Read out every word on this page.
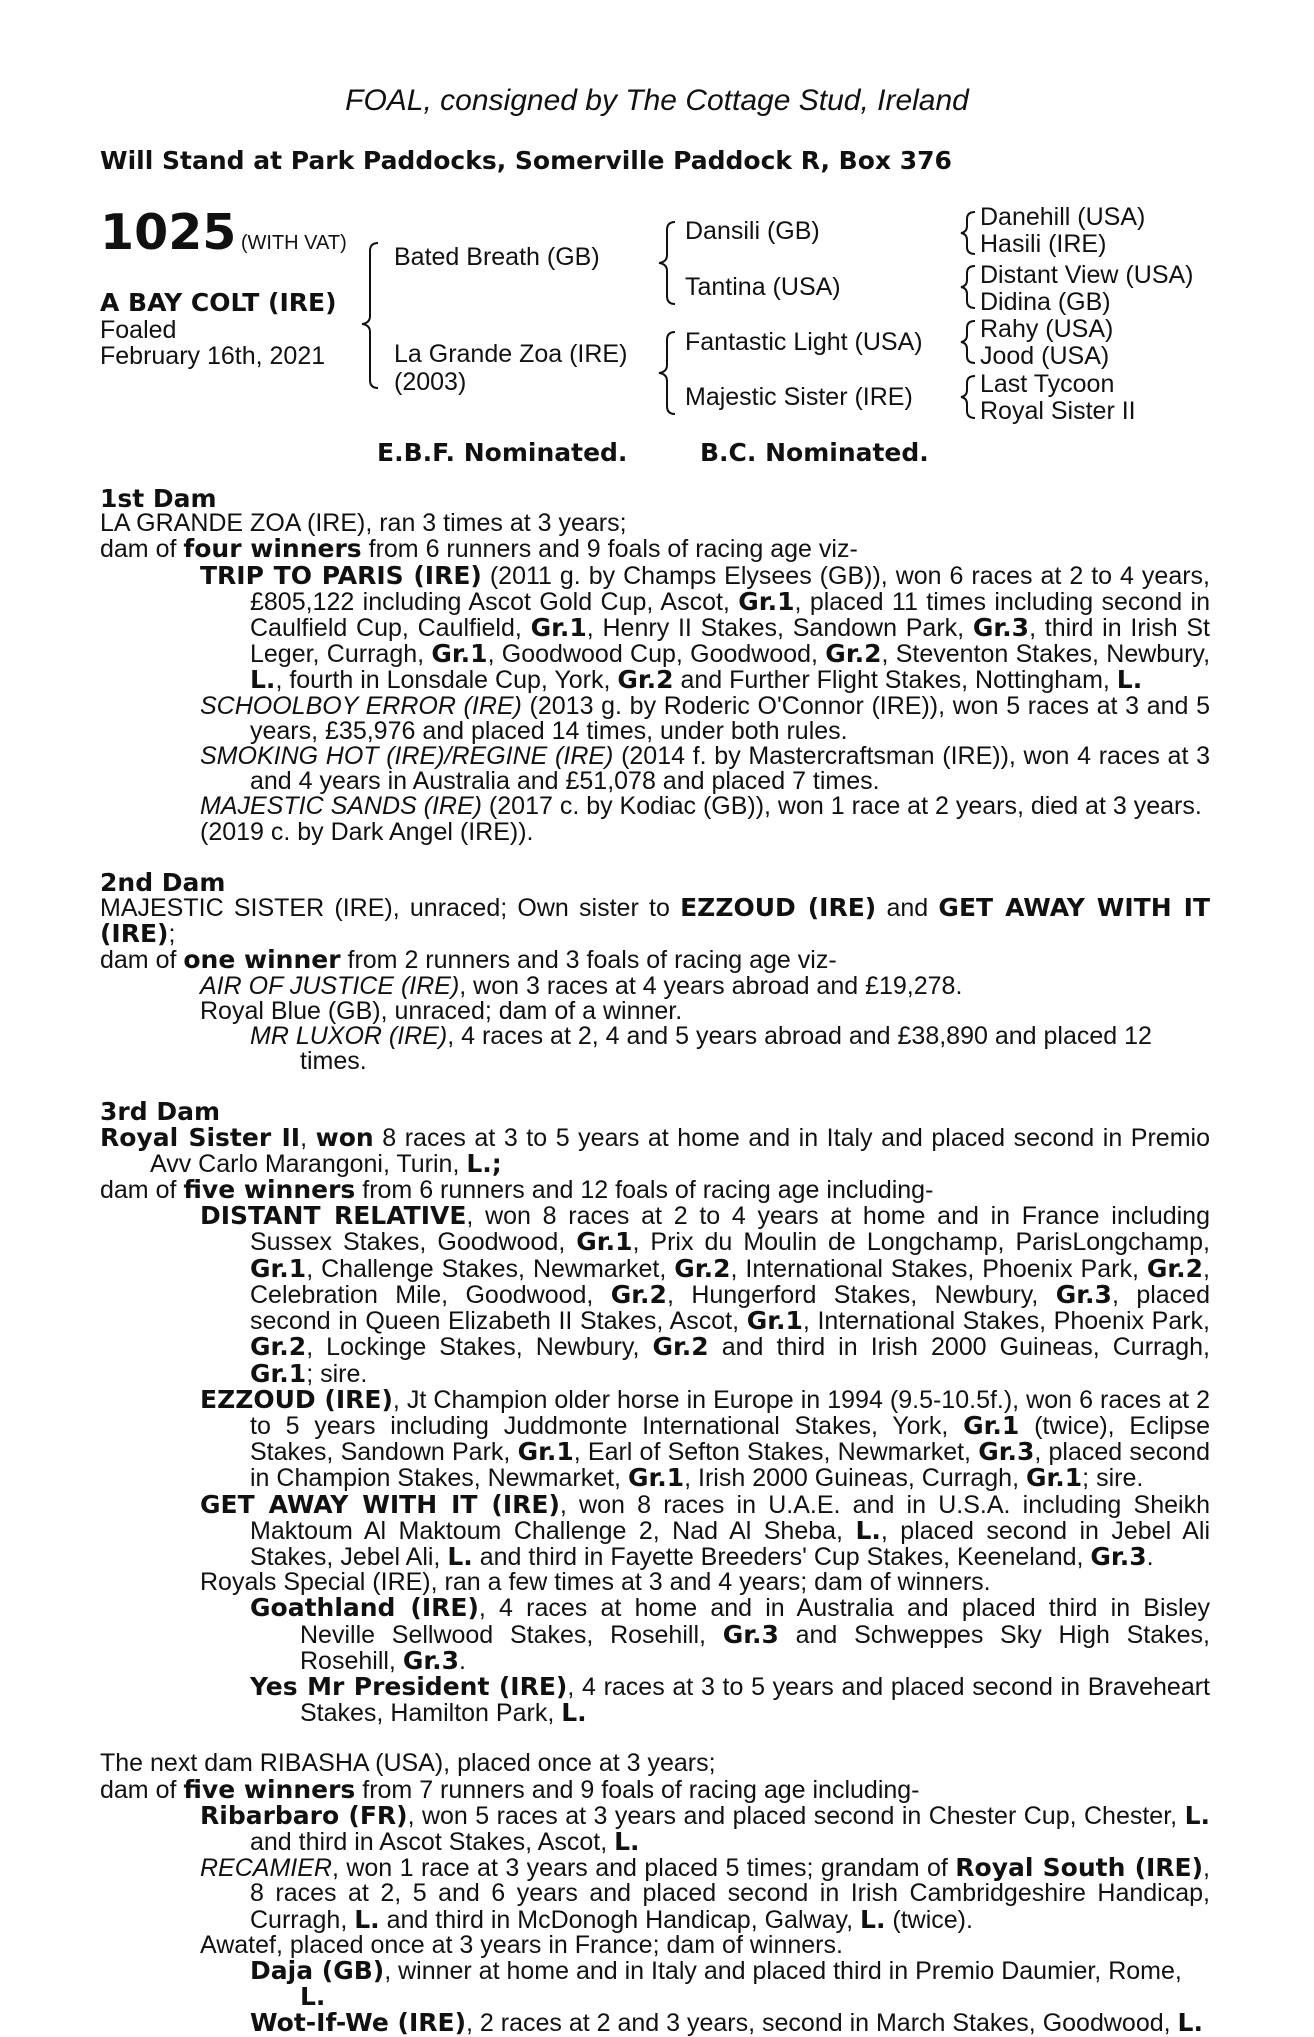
FOAL, consigned by The Cottage Stud, Ireland
Will Stand at Park Paddocks, Somerville Paddock R, Box 376
1025 (WITH VAT)
A BAY COLT (IRE)
Foaled
February 16th, 2021
Bated Breath (GB)
La Grande Zoa (IRE)
(2003)
Dansili (GB)
Tantina (USA)
Fantastic Light (USA)
Majestic Sister (IRE)
Danehill (USA)
Hasili (IRE)
Distant View (USA)
Didina (GB)
Rahy (USA)
Jood (USA)
Last Tycoon
Royal Sister II
E.B.F. Nominated.	B.C. Nominated.

1st Dam

LA GRANDE ZOA (IRE), ran 3 times at 3 years;

dam of four winners from 6 runners and 9 foals of racing age viz-

TRIP TO PARIS (IRE) (2011 g. by Champs Elysees (GB)), won 6 races at 2 to 4 years, £805,122 including Ascot Gold Cup, Ascot, Gr.1, placed 11 times including second in Caulfield Cup, Caulfield, Gr.1, Henry II Stakes, Sandown Park, Gr.3, third in Irish St Leger, Curragh, Gr.1, Goodwood Cup, Goodwood, Gr.2, Steventon Stakes, Newbury, L., fourth in Lonsdale Cup, York, Gr.2 and Further Flight Stakes, Nottingham, L.

SCHOOLBOY ERROR (IRE) (2013 g. by Roderic O'Connor (IRE)), won 5 races at 3 and 5 years, £35,976 and placed 14 times, under both rules.

SMOKING HOT (IRE)/REGINE (IRE) (2014 f. by Mastercraftsman (IRE)), won 4 races at 3 and 4 years in Australia and £51,078 and placed 7 times.

MAJESTIC SANDS (IRE) (2017 c. by Kodiac (GB)), won 1 race at 2 years, died at 3 years.

(2019 c. by Dark Angel (IRE)).

2nd Dam

MAJESTIC SISTER (IRE), unraced; Own sister to EZZOUD (IRE) and GET AWAY WITH IT (IRE);

dam of one winner from 2 runners and 3 foals of racing age viz-

AIR OF JUSTICE (IRE), won 3 races at 4 years abroad and £19,278.

Royal Blue (GB), unraced; dam of a winner.

MR LUXOR (IRE), 4 races at 2, 4 and 5 years abroad and £38,890 and placed 12 times.

3rd Dam

Royal Sister II, won 8 races at 3 to 5 years at home and in Italy and placed second in Premio Avv Carlo Marangoni, Turin, L.;

dam of five winners from 6 runners and 12 foals of racing age including-

DISTANT RELATIVE, won 8 races at 2 to 4 years at home and in France including Sussex Stakes, Goodwood, Gr.1, Prix du Moulin de Longchamp, ParisLongchamp, Gr.1, Challenge Stakes, Newmarket, Gr.2, International Stakes, Phoenix Park, Gr.2, Celebration Mile, Goodwood, Gr.2, Hungerford Stakes, Newbury, Gr.3, placed second in Queen Elizabeth II Stakes, Ascot, Gr.1, International Stakes, Phoenix Park, Gr.2, Lockinge Stakes, Newbury, Gr.2 and third in Irish 2000 Guineas, Curragh, Gr.1; sire.

EZZOUD (IRE), Jt Champion older horse in Europe in 1994 (9.5-10.5f.), won 6 races at 2 to 5 years including Juddmonte International Stakes, York, Gr.1 (twice), Eclipse Stakes, Sandown Park, Gr.1, Earl of Sefton Stakes, Newmarket, Gr.3, placed second in Champion Stakes, Newmarket, Gr.1, Irish 2000 Guineas, Curragh, Gr.1; sire.

GET AWAY WITH IT (IRE), won 8 races in U.A.E. and in U.S.A. including Sheikh Maktoum Al Maktoum Challenge 2, Nad Al Sheba, L., placed second in Jebel Ali Stakes, Jebel Ali, L. and third in Fayette Breeders' Cup Stakes, Keeneland, Gr.3.

Royals Special (IRE), ran a few times at 3 and 4 years; dam of winners.

Goathland (IRE), 4 races at home and in Australia and placed third in Bisley Neville Sellwood Stakes, Rosehill, Gr.3 and Schweppes Sky High Stakes, Rosehill, Gr.3.

Yes Mr President (IRE), 4 races at 3 to 5 years and placed second in Braveheart Stakes, Hamilton Park, L.

The next dam RIBASHA (USA), placed once at 3 years;

dam of five winners from 7 runners and 9 foals of racing age including-

Ribarbaro (FR), won 5 races at 3 years and placed second in Chester Cup, Chester, L. and third in Ascot Stakes, Ascot, L.

RECAMIER, won 1 race at 3 years and placed 5 times; grandam of Royal South (IRE), 8 races at 2, 5 and 6 years and placed second in Irish Cambridgeshire Handicap, Curragh, L. and third in McDonogh Handicap, Galway, L. (twice).

Awatef, placed once at 3 years in France; dam of winners.

Daja (GB), winner at home and in Italy and placed third in Premio Daumier, Rome, L.

Wot-If-We (IRE), 2 races at 2 and 3 years, second in March Stakes, Goodwood, L.
